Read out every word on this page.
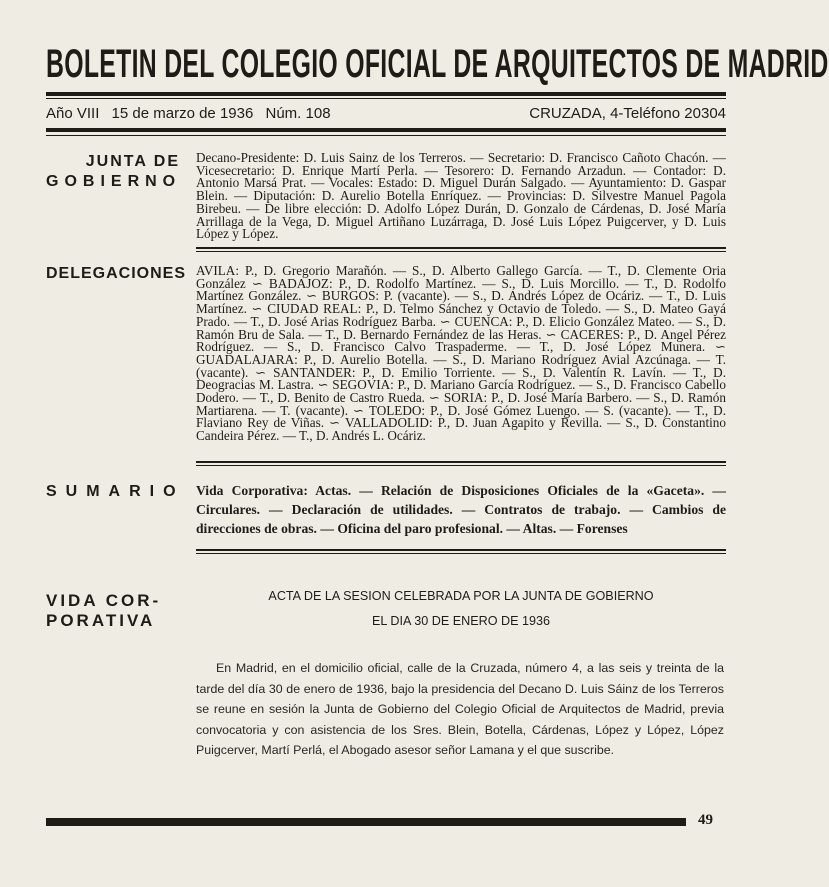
BOLETIN DEL COLEGIO OFICIAL DE ARQUITECTOS DE MADRID
Año VIII 15 de marzo de 1936 Núm. 108	CRUZADA, 4-Teléfono 20304
JUNTA DE
GOBIERNO
Decano-Presidente: D. Luis Sainz de los Terreros. — Secretario: D. Francisco Cañoto Chacón. — Vicesecretario: D. Enrique Martí Perla. — Tesorero: D. Fernando Arzadun. — Contador: D. Antonio Marsá Prat. — Vocales: Estado: D. Miguel Durán Salgado. — Ayuntamiento: D. Gaspar Blein. — Diputación: D. Aurelio Botella Enríquez. — Provincias: D. Silvestre Manuel Pagola Birebeu. — De libre elección: D. Adolfo López Durán, D. Gonzalo de Cárdenas, D. José María Arrillaga de la Vega, D. Miguel Artiñano Luzárraga, D. José Luis López Puigcerver, y D. Luis López y López.
DELEGACIONES AVILA: P., D. Gregorio Marañón. — S., D. Alberto Gallego García. — T., D. Clemente Oria González ∽ BADAJOZ: P., D. Rodolfo Martínez. — S., D. Luis Morcillo. — T., D. Rodolfo Martínez González. ∽ BURGOS: P. (vacante). — S., D. Andrés López de Ocáriz. — T., D. Luis Martínez. ∽ CIUDAD REAL: P., D. Telmo Sánchez y Octavio de Toledo. — S., D. Mateo Gayá Prado. — T., D. José Arias Rodríguez Barba. ∽ CUENCA: P., D. Elicio González Mateo. — S., D. Ramón Bru de Sala. — T., D. Bernardo Fernández de las Heras. ∽ CACERES: P., D. Angel Pérez Rodríguez. — S., D. Francisco Calvo Traspaderme. — T., D. José López Munera. ∽ GUADALAJARA: P., D. Aurelio Botella. — S., D. Mariano Rodríguez Avial Azcúnaga. — T. (vacante). ∽ SANTANDER: P., D. Emilio Torriente. — S., D. Valentín R. Lavín. — T., D. Deogracias M. Lastra. ∽ SEGOVIA: P., D. Mariano García Rodríguez. — S., D. Francisco Cabello Dodero. — T., D. Benito de Castro Rueda. ∽ SORIA: P., D. José María Barbero. — S., D. Ramón Martiarena. — T. (vacante). ∽ TOLEDO: P., D. José Gómez Luengo. — S. (vacante). — T., D. Flaviano Rey de Viñas. ∽ VALLADOLID: P., D. Juan Agapito y Revilla. — S., D. Constantino Candeira Pérez. — T., D. Andrés L. Ocáriz.
SUMARIO Vida Corporativa: Actas. — Relación de Disposiciones Oficiales de la «Gaceta». — Circulares. — Declaración de utilidades. — Contratos de trabajo. — Cambios de direcciones de obras. — Oficina del paro profesional. — Altas. — Forenses
VIDA COR-
PORATIVA
ACTA DE LA SESION CELEBRADA POR LA JUNTA DE GOBIERNO
EL DIA 30 DE ENERO DE 1936
En Madrid, en el domicilio oficial, calle de la Cruzada, número 4, a las seis y treinta de la tarde del día 30 de enero de 1936, bajo la presidencia del Decano D. Luis Sáinz de los Terreros se reune en sesión la Junta de Gobierno del Colegio Oficial de Arquitectos de Madrid, previa convocatoria y con asistencia de los Sres. Blein, Botella, Cárdenas, López y López, López Puigcerver, Martí Perlá, el Abogado asesor señor Lamana y el que suscribe.
49
